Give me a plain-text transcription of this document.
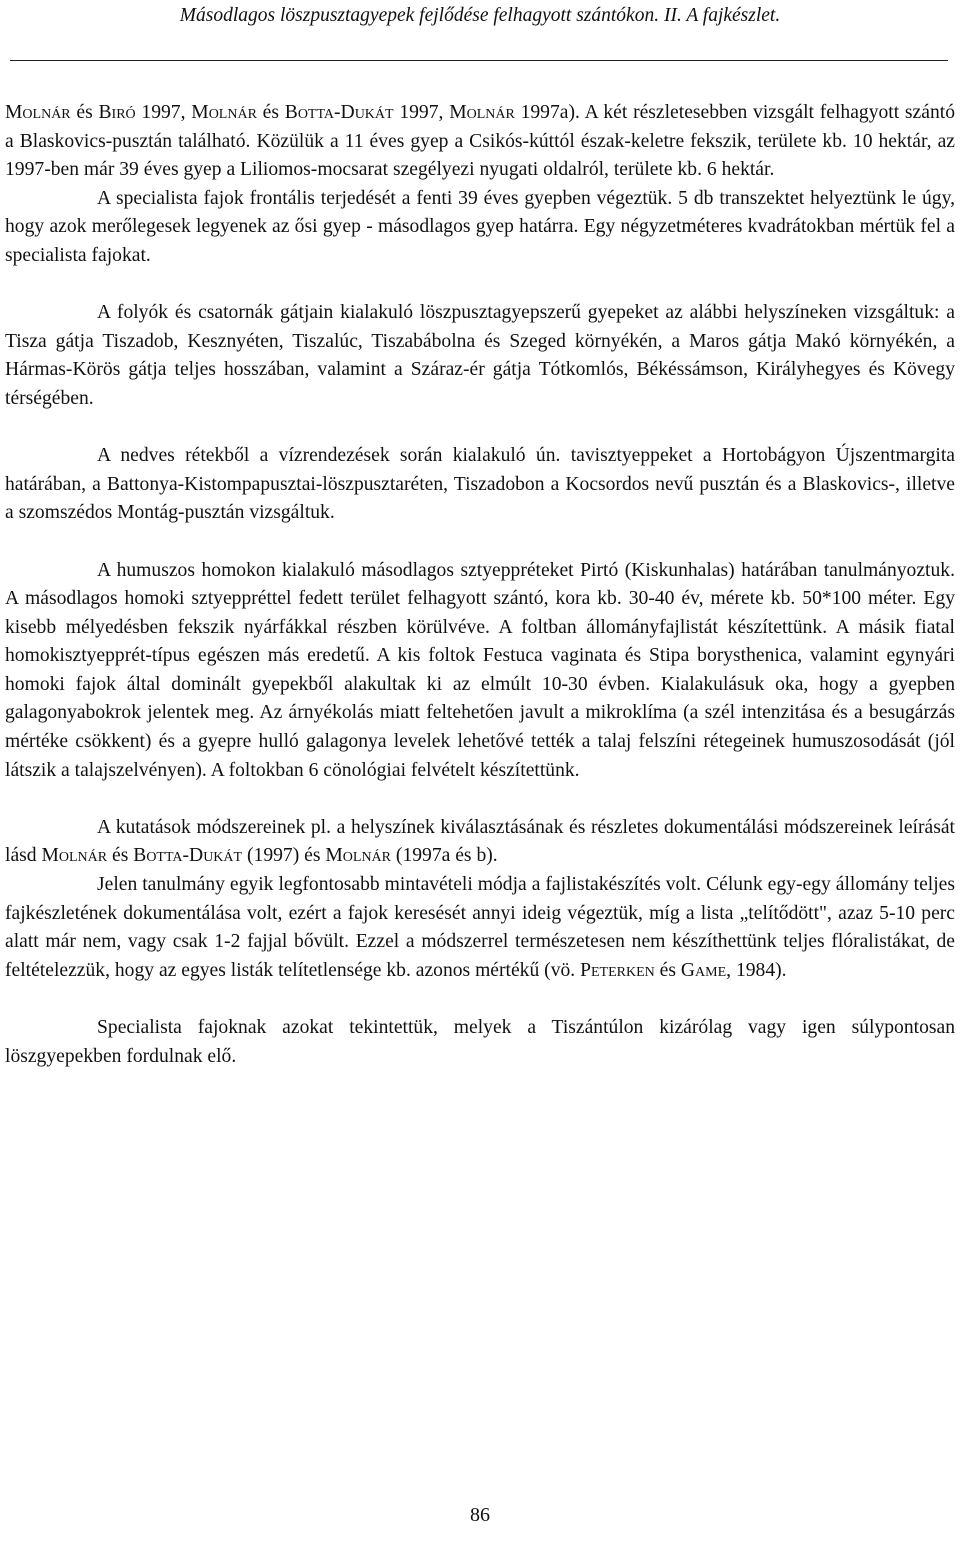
Másodlagos löszpusztagyepek fejlődése felhagyott szántókon. II. A fajkészlet.

Molnár és Biró 1997, Molnár és Botta-Dukát 1997, Molnár 1997a). A két részletesebben vizsgált felhagyott szántó a Blaskovics-pusztán található. Közülük a 11 éves gyep a Csikós-kúttól észak-keletre fekszik, területe kb. 10 hektár, az 1997-ben már 39 éves gyep a Liliomos-mocsarat szegélyezi nyugati oldalról, területe kb. 6 hektár.

A specialista fajok frontális terjedését a fenti 39 éves gyepben végeztük. 5 db transzektet helyeztünk le úgy, hogy azok merőlegesek legyenek az ősi gyep - másodlagos gyep határra. Egy négyzetméteres kvadrátokban mértük fel a specialista fajokat.

A folyók és csatornák gátjain kialakuló löszpusztagyepszerű gyepeket az alábbi helyszíneken vizsgáltuk: a Tisza gátja Tiszadob, Kesznyéten, Tiszalúc, Tiszabábolna és Szeged környékén, a Maros gátja Makó környékén, a Hármas-Körös gátja teljes hosszában, valamint a Száraz-ér gátja Tótkomlós, Békéssámson, Királyhegyes és Kövegy térségében.

A nedves rétekből a vízrendezések során kialakuló ún. tavisztyeppeket a Hortobágyon Újszentmargita határában, a Battonya-Kistompapusztai-löszpusztaréten, Tiszadobon a Kocsordos nevű pusztán és a Blaskovics-, illetve a szomszédos Montág-pusztán vizsgáltuk.

A humuszos homokon kialakuló másodlagos sztyeppréteket Pirtó (Kiskunhalas) határában tanulmányoztuk. A másodlagos homoki sztyeppréttel fedett terület felhagyott szántó, kora kb. 30-40 év, mérete kb. 50*100 méter. Egy kisebb mélyedésben fekszik nyárfákkal részben körülvéve. A foltban állományfajlistát készítettünk. A másik fiatal homokisztyepprét-típus egészen más eredetű. A kis foltok Festuca vaginata és Stipa borysthenica, valamint egynyári homoki fajok által dominált gyepekből alakultak ki az elmúlt 10-30 évben. Kialakulásuk oka, hogy a gyepben galagonyabokrok jelentek meg. Az árnyékolás miatt feltehetően javult a mikroklíma (a szél intenzitása és a besugárzás mértéke csökkent) és a gyepre hulló galagonya levelek lehetővé tették a talaj felszíni rétegeinek humuszosodását (jól látszik a talajszelvényen). A foltokban 6 cönológiai felvételt készítettünk.

A kutatások módszereinek pl. a helyszínek kiválasztásának és részletes dokumentálási módszereinek leírását lásd Molnár és Botta-Dukát (1997) és Molnár (1997a és b).

Jelen tanulmány egyik legfontosabb mintavételi módja a fajlistakészítés volt. Célunk egy-egy állomány teljes fajkészletének dokumentálása volt, ezért a fajok keresését annyi ideig végeztük, míg a lista „telítődött", azaz 5-10 perc alatt már nem, vagy csak 1-2 fajjal bővült. Ezzel a módszerrel természetesen nem készíthettünk teljes flóralistákat, de feltételezzük, hogy az egyes listák telítetlensége kb. azonos mértékű (vö. Peterken és Game, 1984).

Specialista fajoknak azokat tekintettük, melyek a Tiszántúlon kizárólag vagy igen súlypontosan löszgyepekben fordulnak elő.

86
